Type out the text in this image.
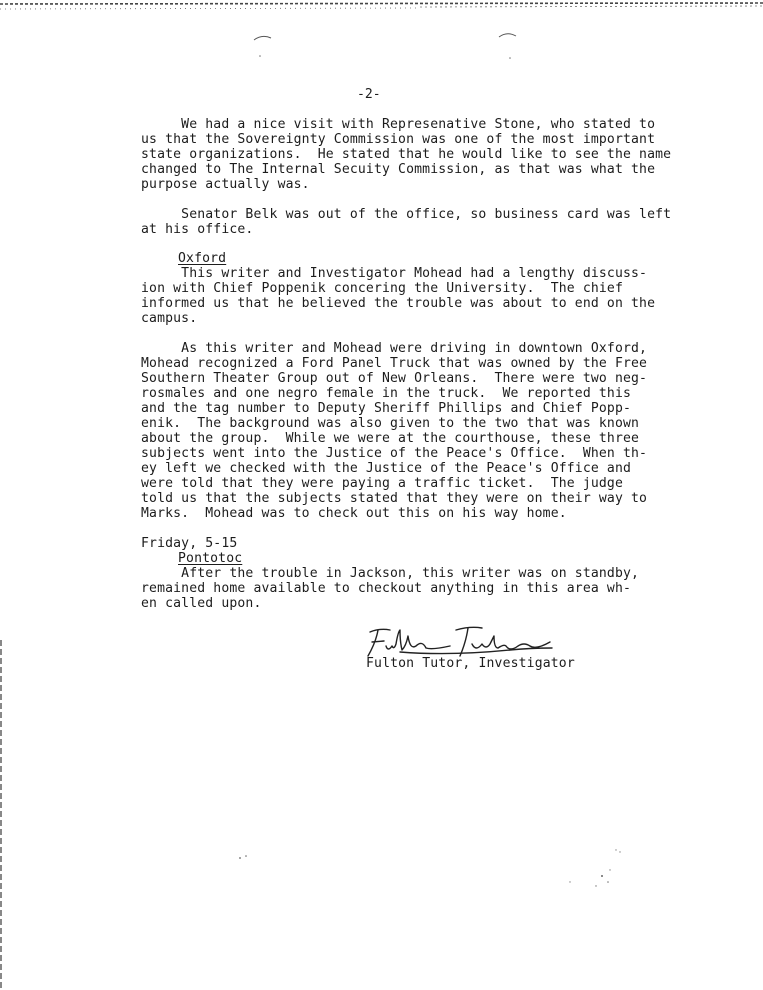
-2-
We had a nice visit with Represenative Stone, who stated to
us that the Sovereignty Commission was one of the most important
state organizations.  He stated that he would like to see the name
changed to The Internal Secuity Commission, as that was what the
purpose actually was.
Senator Belk was out of the office, so business card was left
at his office.
Oxford
This writer and Investigator Mohead had a lengthy discuss-
ion with Chief Poppenik concering the University.  The chief
informed us that he believed the trouble was about to end on the
campus.
As this writer and Mohead were driving in downtown Oxford,
Mohead recognized a Ford Panel Truck that was owned by the Free
Southern Theater Group out of New Orleans.  There were two neg-
rosmales and one negro female in the truck.  We reported this
and the tag number to Deputy Sheriff Phillips and Chief Popp-
enik.  The background was also given to the two that was known
about the group.  While we were at the courthouse, these three
subjects went into the Justice of the Peace's Office.  When th-
ey left we checked with the Justice of the Peace's Office and
were told that they were paying a traffic ticket.  The judge
told us that the subjects stated that they were on their way to
Marks.  Mohead was to check out this on his way home.
Friday, 5-15
Pontotoc
After the trouble in Jackson, this writer was on standby,
remained home available to checkout anything in this area wh-
en called upon.
Fulton Tutor, Investigator
